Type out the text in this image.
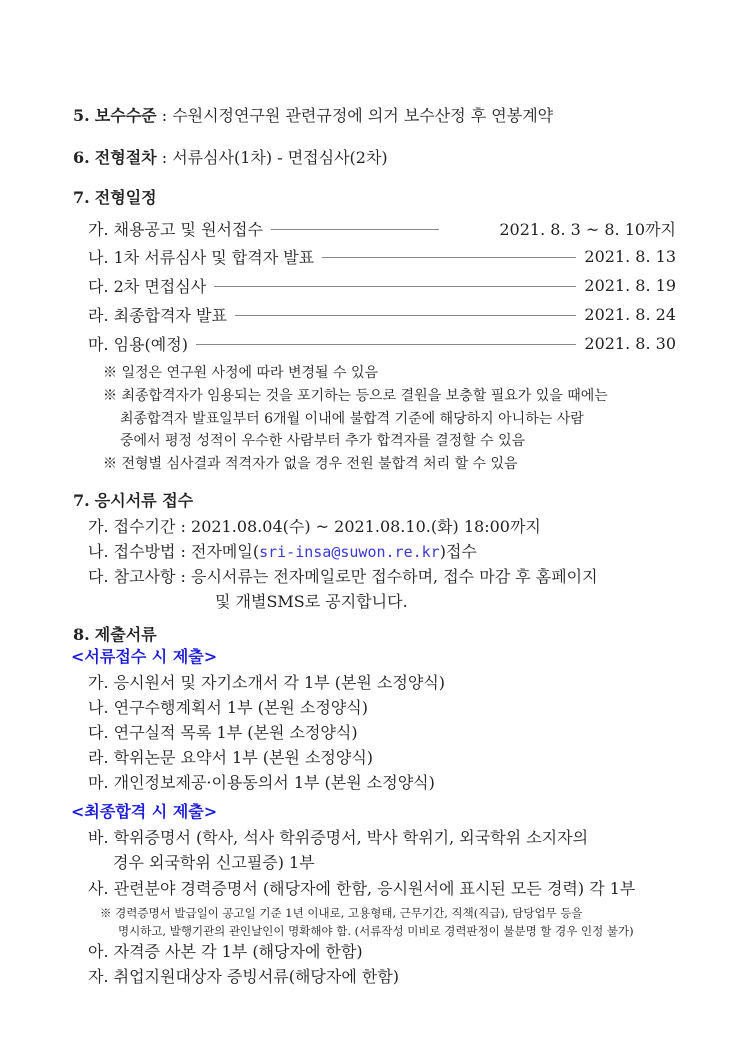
5. 보수수준 : 수원시정연구원 관련규정에 의거 보수산정 후 연봉계약
6. 전형절차 : 서류심사(1차) - 면접심사(2차)
7. 전형일정
가. 채용공고 및 원서접수	2021. 8. 3 ~ 8. 10까지
나. 1차 서류심사 및 합격자 발표	2021. 8. 13
다. 2차 면접심사	2021. 8. 19
라. 최종합격자 발표	2021. 8. 24
마. 임용(예정)	2021. 8. 30
※ 일정은 연구원 사정에 따라 변경될 수 있음
※ 최종합격자가 임용되는 것을 포기하는 등으로 결원을 보충할 필요가 있을 때에는
최종합격자 발표일부터 6개월 이내에 불합격 기준에 해당하지 아니하는 사람
중에서 평정 성적이 우수한 사람부터 추가 합격자를 결정할 수 있음
※ 전형별 심사결과 적격자가 없을 경우 전원 불합격 처리 할 수 있음
7. 응시서류 접수
가. 접수기간 : 2021.08.04(수) ~ 2021.08.10.(화) 18:00까지
나. 접수방법 : 전자메일(sri-insa@suwon.re.kr)접수
다. 참고사항 : 응시서류는 전자메일로만 접수하며, 접수 마감 후 홈페이지
및 개별SMS로 공지합니다.
8. 제출서류
<서류접수 시 제출>
가. 응시원서 및 자기소개서 각 1부 (본원 소정양식)
나. 연구수행계획서 1부 (본원 소정양식)
다. 연구실적 목록 1부 (본원 소정양식)
라. 학위논문 요약서 1부 (본원 소정양식)
마. 개인정보제공·이용동의서 1부 (본원 소정양식)
<최종합격 시 제출>
바. 학위증명서 (학사, 석사 학위증명서, 박사 학위기, 외국학위 소지자의
경우 외국학위 신고필증) 1부
사. 관련분야 경력증명서 (해당자에 한함, 응시원서에 표시된 모든 경력) 각 1부
※ 경력증명서 발급일이 공고일 기준 1년 이내로, 고용형태, 근무기간, 직책(직급), 담당업무 등을
명시하고, 발행기관의 관인날인이 명확해야 함. (서류작성 미비로 경력판정이 불분명 할 경우 인정 불가)
아. 자격증 사본 각 1부 (해당자에 한함)
자. 취업지원대상자 증빙서류(해당자에 한함)
